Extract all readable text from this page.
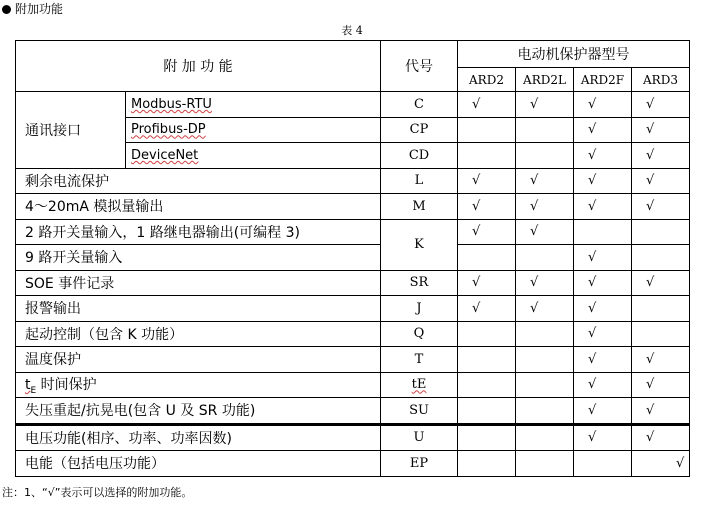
附加功能
表 4
附 加 功 能		代号	电动机保护器型号			
			ARD2	ARD2L	ARD2F	ARD3
通讯接口	Modbus-RTU	C	√	√	√	√
	Profibus-DP	CP			√	√
	DeviceNet	CD			√	√
剩余电流保护		L	√	√	√	√
4～20mA 模拟量输出		M	√	√	√	√
2 路开关量输入，1 路继电器输出(可编程 3)		K	√	√		
9 路开关量输入					√	
SOE 事件记录		SR	√	√	√	√
报警输出		J	√	√	√	
起动控制（包含 K 功能）		Q			√	
温度保护		T			√	√
$t_E$ 时间保护		tE			√	√
失压重起/抗晃电(包含 U 及 SR 功能)		SU			√	√
电压功能(相序、功率、功率因数)		U			√	√
电能（包括电压功能）		EP				√
注：1、“√”表示可以选择的附加功能。
